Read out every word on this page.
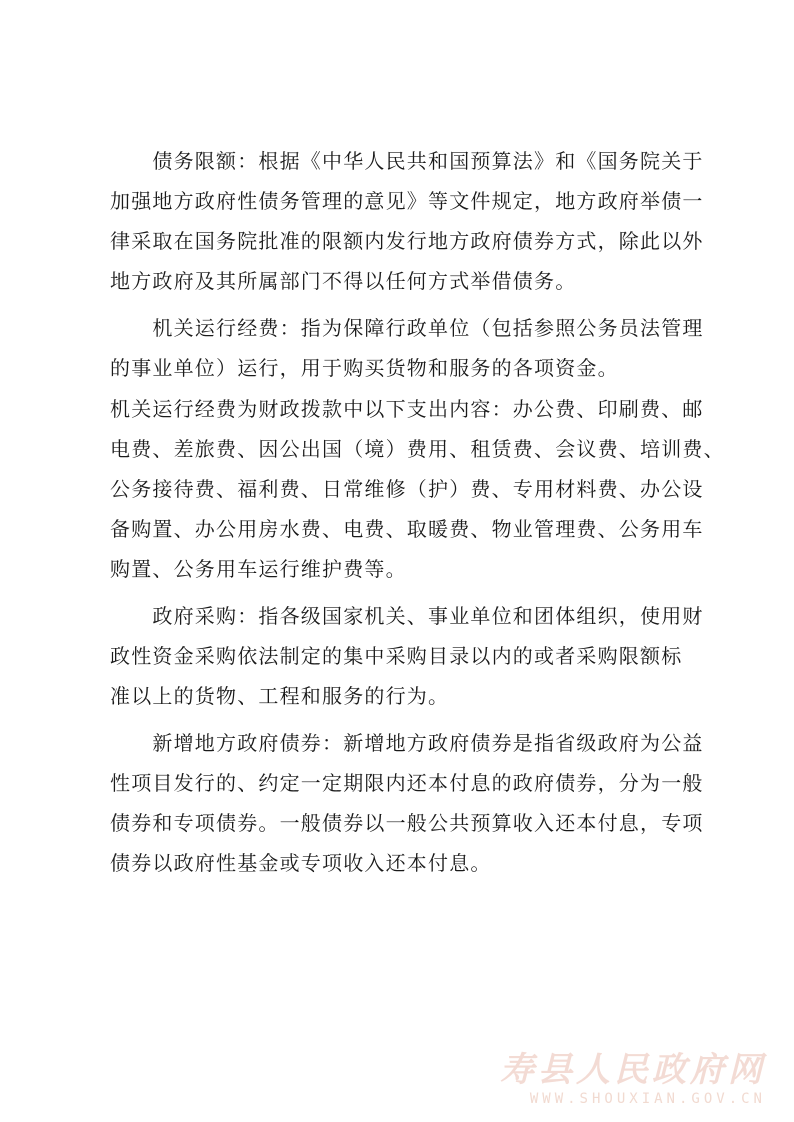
　　债务限额：根据《中华人民共和国预算法》和《国务院关于
加强地方政府性债务管理的意见》等文件规定，地方政府举债一
律采取在国务院批准的限额内发行地方政府债券方式，除此以外
地方政府及其所属部门不得以任何方式举借债务。
　　机关运行经费：指为保障行政单位（包括参照公务员法管理
的事业单位）运行，用于购买货物和服务的各项资金。
机关运行经费为财政拨款中以下支出内容：办公费、印刷费、邮
电费、差旅费、因公出国（境）费用、租赁费、会议费、培训费、
公务接待费、福利费、日常维修（护）费、专用材料费、办公设
备购置、办公用房水费、电费、取暖费、物业管理费、公务用车
购置、公务用车运行维护费等。
　　政府采购：指各级国家机关、事业单位和团体组织，使用财
政性资金采购依法制定的集中采购目录以内的或者采购限额标
准以上的货物、工程和服务的行为。
　　新增地方政府债券：新增地方政府债券是指省级政府为公益
性项目发行的、约定一定期限内还本付息的政府债券，分为一般
债券和专项债券。一般债券以一般公共预算收入还本付息，专项
债券以政府性基金或专项收入还本付息。
寿县人民政府网
WWW.SHOUXIAN.GOV.CN
